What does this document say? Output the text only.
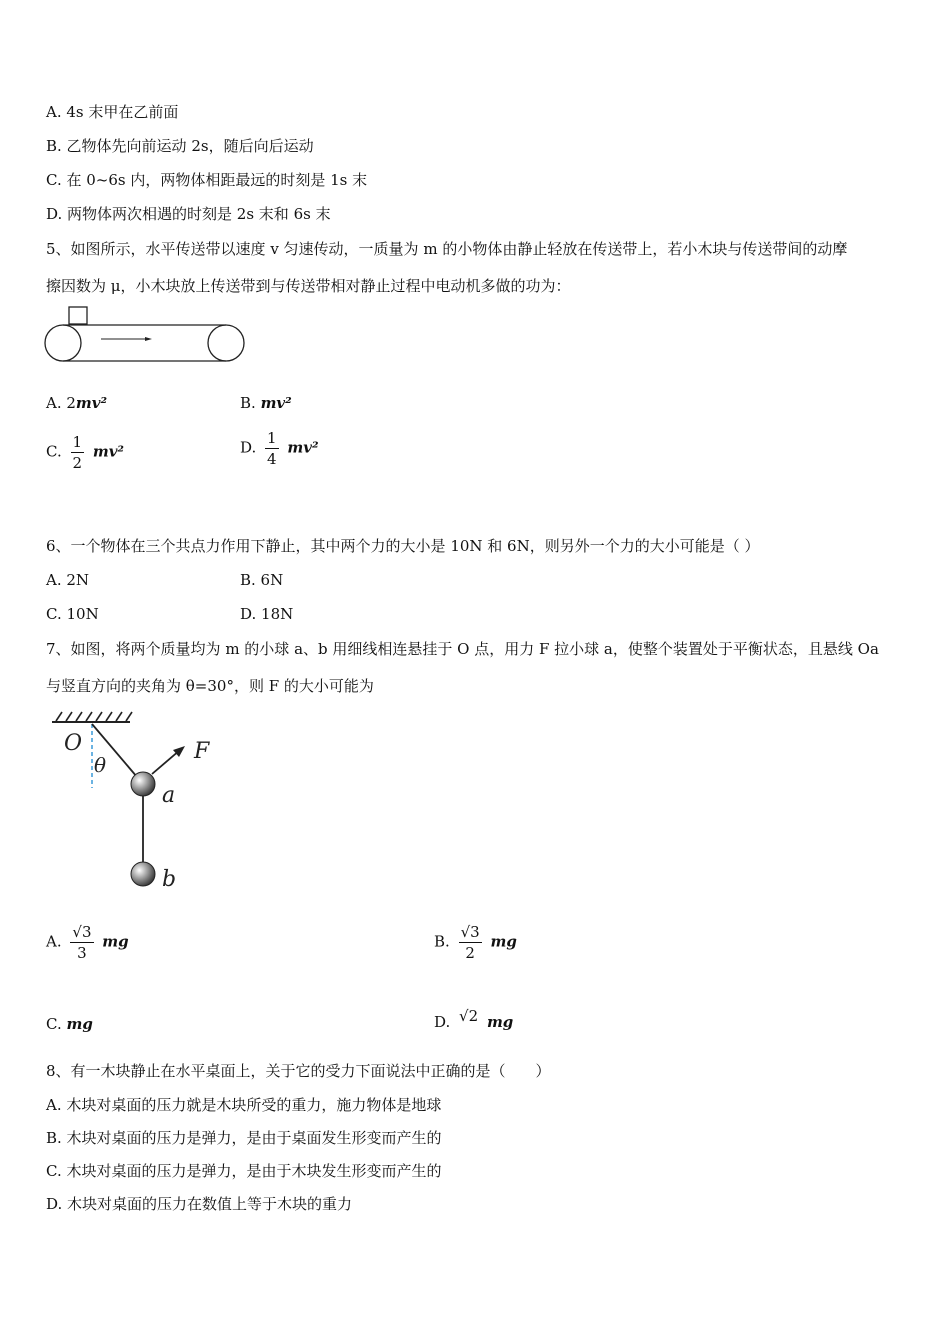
A. 4s 末甲在乙前面
B. 乙物体先向前运动 2s，随后向后运动
C. 在 0~6s 内，两物体相距最远的时刻是 1s 末
D. 两物体两次相遇的时刻是 2s 末和 6s 末
5、如图所示，水平传送带以速度 v 匀速传动，一质量为 m 的小物体由静止轻放在传送带上，若小木块与传送带间的动摩
擦因数为 μ，小木块放上传送带到与传送带相对静止过程中电动机多做的功为：
A. 2mv²	B. mv²
C. $\frac{1}{2} mv^2$	D. $\frac{1}{4} mv^2$
6、一个物体在三个共点力作用下静止，其中两个力的大小是 10N 和 6N，则另外一个力的大小可能是（ ）
A. 2N	B. 6N
C. 10N	D. 18N
7、如图，将两个质量均为 m 的小球 a、b 用细线相连悬挂于 O 点，用力 F 拉小球 a，使整个装置处于平衡状态，且悬线 Oa
与竖直方向的夹角为 θ=30°，则 F 的大小可能为
O
θ
F
a
b
A. $\frac{√3}{3}$ mg	B. $\frac{√3}{2}$ mg
C. mg	D. √2 mg
8、有一木块静止在水平桌面上，关于它的受力下面说法中正确的是（　　）
A. 木块对桌面的压力就是木块所受的重力，施力物体是地球
B. 木块对桌面的压力是弹力，是由于桌面发生形变而产生的
C. 木块对桌面的压力是弹力，是由于木块发生形变而产生的
D. 木块对桌面的压力在数值上等于木块的重力
